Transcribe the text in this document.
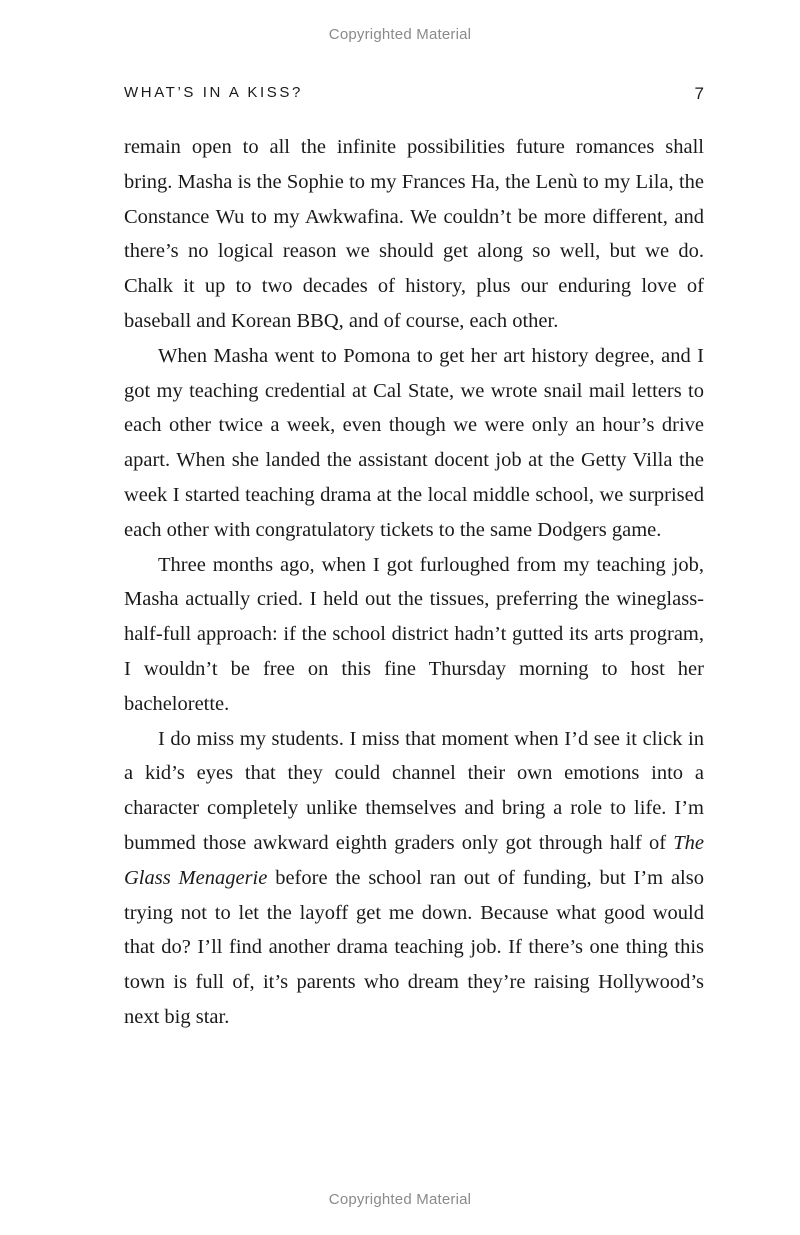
Copyrighted Material
WHAT’S IN A KISS?	7

remain open to all the infinite possibilities future romances shall bring. Masha is the Sophie to my Frances Ha, the Lenù to my Lila, the Constance Wu to my Awkwafina. We couldn’t be more different, and there’s no logical reason we should get along so well, but we do. Chalk it up to two decades of history, plus our enduring love of baseball and Korean BBQ, and of course, each other.

When Masha went to Pomona to get her art history degree, and I got my teaching credential at Cal State, we wrote snail mail letters to each other twice a week, even though we were only an hour’s drive apart. When she landed the assistant docent job at the Getty Villa the week I started teaching drama at the local middle school, we surprised each other with congratulatory tickets to the same Dodgers game.

Three months ago, when I got furloughed from my teaching job, Masha actually cried. I held out the tissues, preferring the wineglass-half-full approach: if the school district hadn’t gutted its arts program, I wouldn’t be free on this fine Thursday morning to host her bachelorette.

I do miss my students. I miss that moment when I’d see it click in a kid’s eyes that they could channel their own emotions into a character completely unlike themselves and bring a role to life. I’m bummed those awkward eighth graders only got through half of The Glass Menagerie before the school ran out of funding, but I’m also trying not to let the layoff get me down. Because what good would that do? I’ll find another drama teaching job. If there’s one thing this town is full of, it’s parents who dream they’re raising Hollywood’s next big star.

Copyrighted Material
